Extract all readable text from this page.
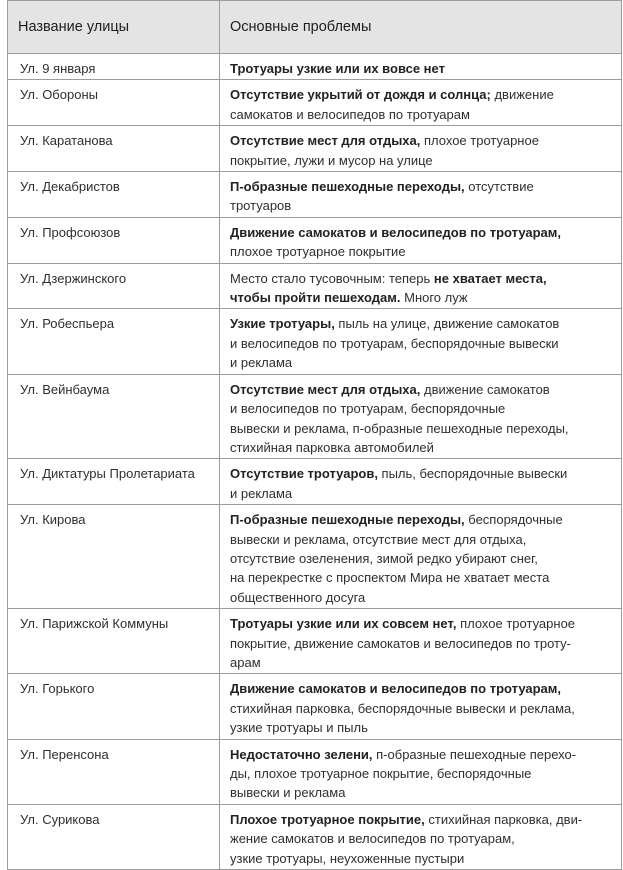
Название улицы	Основные проблемы
Ул. 9 января	Тротуары узкие или их вовсе нет

Ул. Обороны	Отсутствие укрытий от дождя и солнца; движение
самокатов и велосипедов по тротуарам

Ул. Каратанова	Отсутствие мест для отдыха, плохое тротуарное
покрытие, лужи и мусор на улице

Ул. Декабристов	П-образные пешеходные переходы, отсутствие
тротуаров

Ул. Профсоюзов	Движение самокатов и велосипедов по тротуарам,
плохое тротуарное покрытие

Ул. Дзержинского	Место стало тусовочным: теперь не хватает места,
чтобы пройти пешеходам. Много луж

Ул. Робеспьера	Узкие тротуары, пыль на улице, движение самокатов
и велосипедов по тротуарам, беспорядочные вывески
и реклама

Ул. Вейнбаума	Отсутствие мест для отдыха, движение самокатов
и велосипедов по тротуарам, беспорядочные
вывески и реклама, п-образные пешеходные переходы,
стихийная парковка автомобилей

Ул. Диктатуры Пролетариата	Отсутствие тротуаров, пыль, беспорядочные вывески
и реклама

Ул. Кирова	П-образные пешеходные переходы, беспорядочные
вывески и реклама, отсутствие мест для отдыха,
отсутствие озеленения, зимой редко убирают снег,
на перекрестке с проспектом Мира не хватает места
общественного досуга

Ул. Парижской Коммуны	Тротуары узкие или их совсем нет, плохое тротуарное
покрытие, движение самокатов и велосипедов по троту-
арам

Ул. Горького	Движение самокатов и велосипедов по тротуарам,
стихийная парковка, беспорядочные вывески и реклама,
узкие тротуары и пыль

Ул. Перенсона	Недостаточно зелени, п-образные пешеходные перехо-
ды, плохое тротуарное покрытие, беспорядочные
вывески и реклама

Ул. Сурикова	Плохое тротуарное покрытие, стихийная парковка, дви-
жение самокатов и велосипедов по тротуарам,
узкие тротуары, неухоженные пустыри
